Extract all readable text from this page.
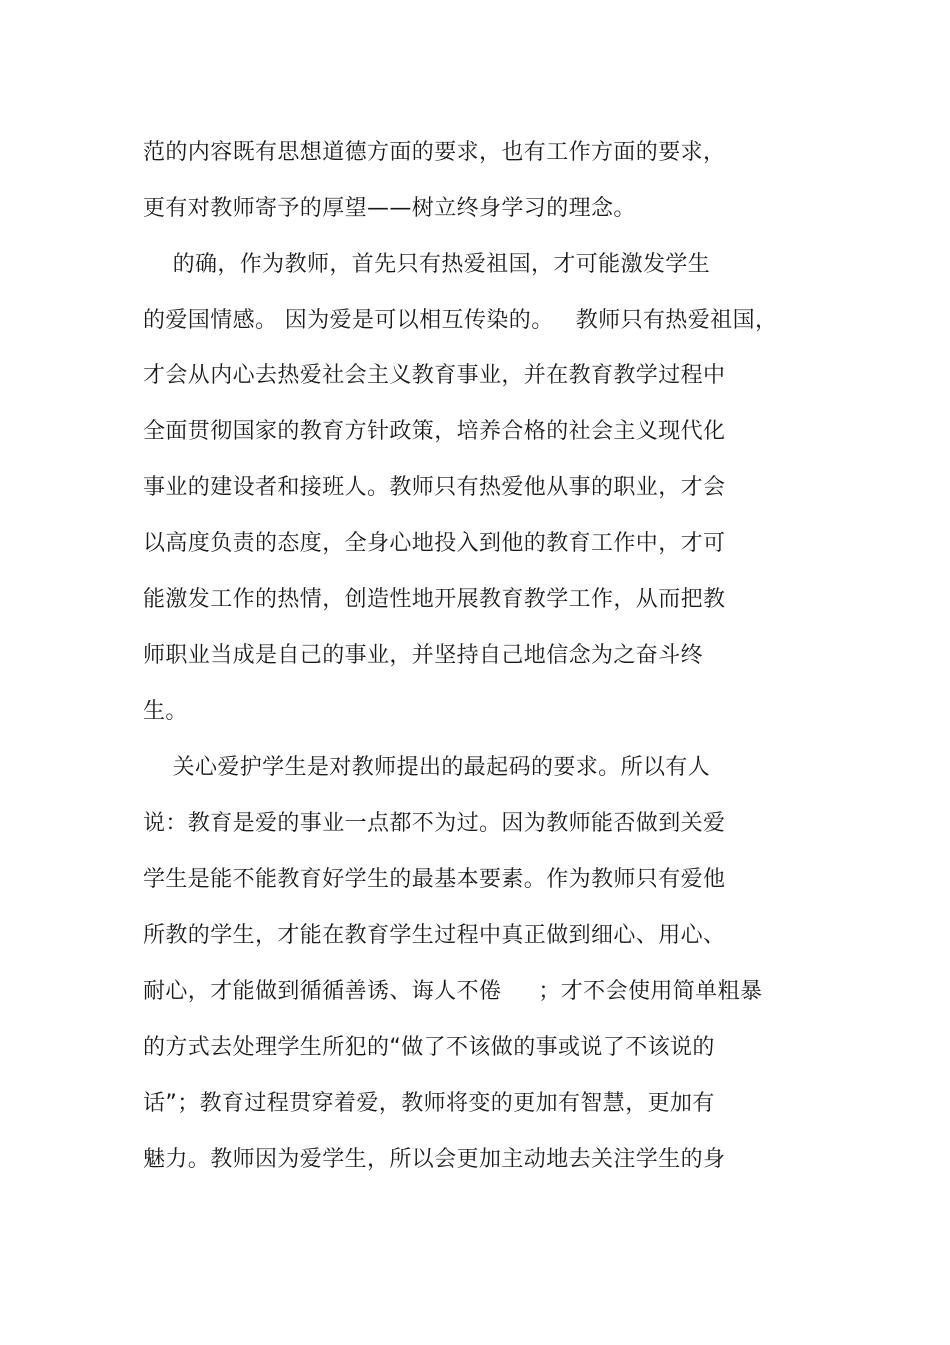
范的内容既有思想道德方面的要求，也有工作方面的要求，
更有对教师寄予的厚望——树立终身学习的理念。
的确，作为教师，首先只有热爱祖国，才可能激发学生
的爱国情感。 因为爱是可以相互传染的。   教师只有热爱祖国，
才会从内心去热爱社会主义教育事业，并在教育教学过程中
全面贯彻国家的教育方针政策，培养合格的社会主义现代化
事业的建设者和接班人。教师只有热爱他从事的职业，才会
以高度负责的态度，全身心地投入到他的教育工作中，才可
能激发工作的热情，创造性地开展教育教学工作，从而把教
师职业当成是自己的事业，并坚持自己地信念为之奋斗终
生。
关心爱护学生是对教师提出的最起码的要求。所以有人
说：教育是爱的事业一点都不为过。因为教师能否做到关爱
学生是能不能教育好学生的最基本要素。作为教师只有爱他
所教的学生，才能在教育学生过程中真正做到细心、用心、
耐心，才能做到循循善诱、诲人不倦     ；才不会使用简单粗暴
的方式去处理学生所犯的“做了不该做的事或说了不该说的
话”；教育过程贯穿着爱，教师将变的更加有智慧，更加有
魅力。教师因为爱学生，所以会更加主动地去关注学生的身
